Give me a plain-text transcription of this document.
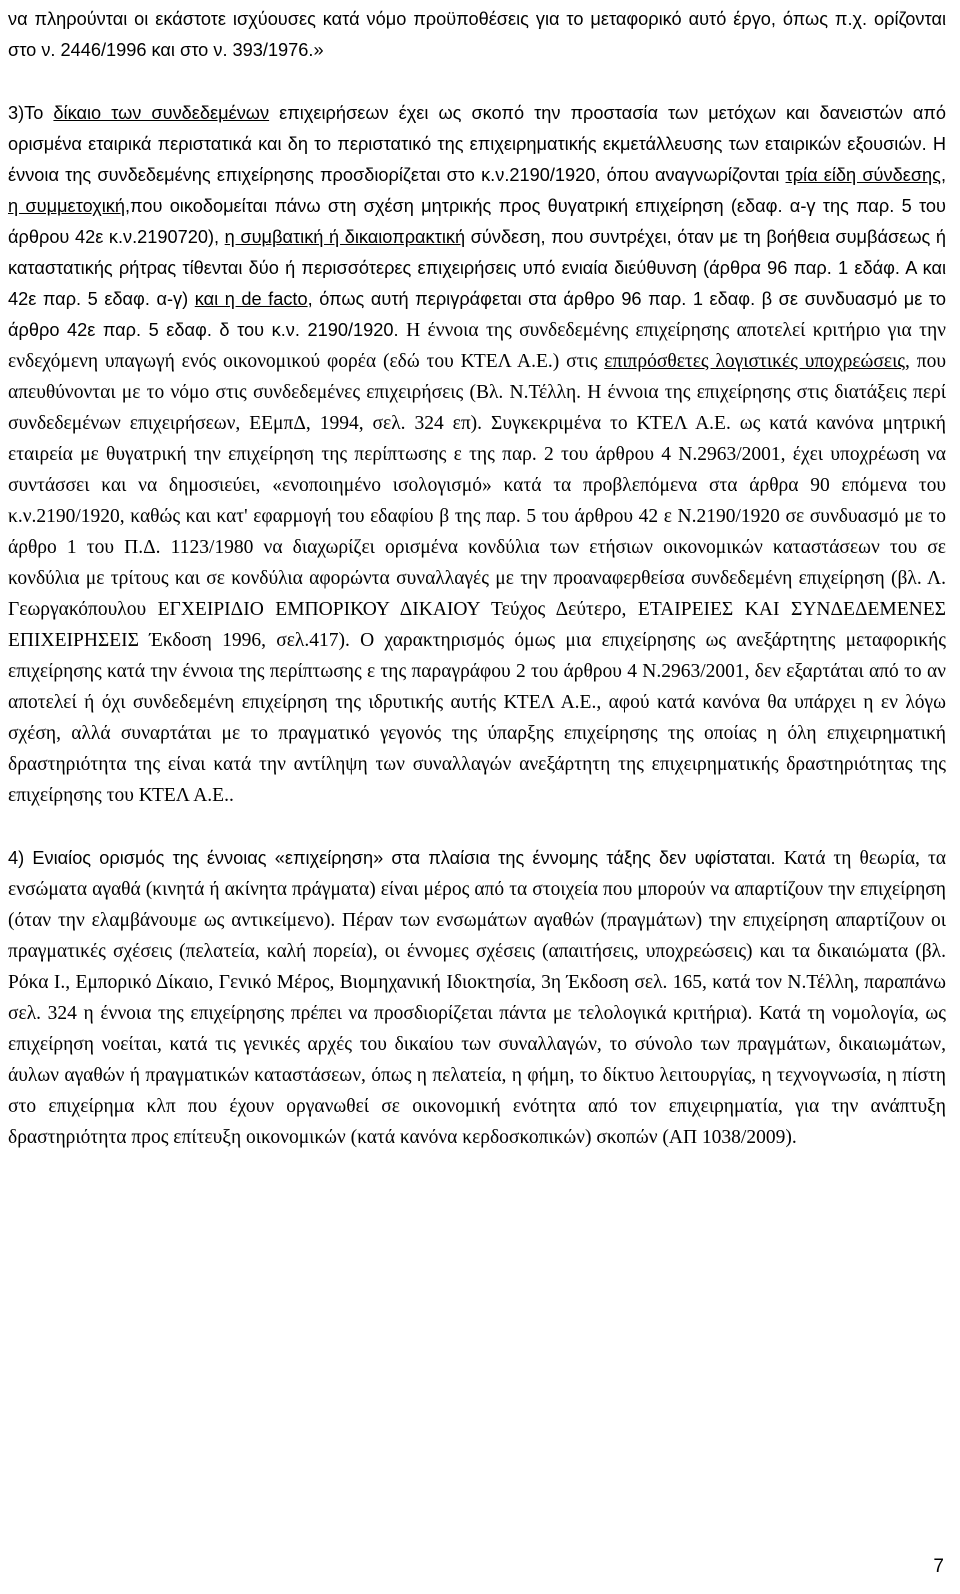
να πληρούνται οι εκάστοτε ισχύουσες κατά νόμο προϋποθέσεις για το μεταφορικό αυτό έργο, όπως π.χ. ορίζονται στο ν. 2446/1996 και στο ν. 393/1976.»

3)Το δίκαιο των συνδεδεμένων επιχειρήσεων έχει ως σκοπό την προστασία των μετόχων και δανειστών από ορισμένα εταιρικά περιστατικά και δη το περιστατικό της επιχειρηματικής εκμετάλλευσης των εταιρικών εξουσιών. Η έννοια της συνδεδεμένης επιχείρησης προσδιορίζεται στο κ.ν.2190/1920, όπου αναγνωρίζονται τρία είδη σύνδεσης, η συμμετοχική,που οικοδομείται πάνω στη σχέση μητρικής προς θυγατρική επιχείρηση (εδαφ. α-γ της παρ. 5 του άρθρου 42ε κ.ν.2190720), η συμβατική ή δικαιοπρακτική σύνδεση, που συντρέχει, όταν με τη βοήθεια συμβάσεως ή καταστατικής ρήτρας τίθενται δύο ή περισσότερες επιχειρήσεις υπό ενιαία διεύθυνση (άρθρα 96 παρ. 1 εδάφ. Α και 42ε παρ. 5 εδαφ. α-γ) και η de facto, όπως αυτή περιγράφεται στα άρθρο 96 παρ. 1 εδαφ. β σε συνδυασμό με το άρθρο 42ε παρ. 5 εδαφ. δ του κ.ν. 2190/1920. Η έννοια της συνδεδεμένης επιχείρησης αποτελεί κριτήριο για την ενδεχόμενη υπαγωγή ενός οικονομικού φορέα (εδώ του ΚΤΕΛ Α.Ε.) στις επιπρόσθετες λογιστικές υποχρεώσεις, που απευθύνονται με το νόμο στις συνδεδεμένες επιχειρήσεις (Βλ. Ν.Τέλλη. Η έννοια της επιχείρησης στις διατάξεις περί συνδεδεμένων επιχειρήσεων, ΕΕμπΔ, 1994, σελ. 324 επ). Συγκεκριμένα το ΚΤΕΛ Α.Ε. ως κατά κανόνα μητρική εταιρεία με θυγατρική την επιχείρηση της περίπτωσης ε της παρ. 2 του άρθρου 4 Ν.2963/2001, έχει υποχρέωση να συντάσσει και να δημοσιεύει, «ενοποιημένο ισολογισμό» κατά τα προβλεπόμενα στα άρθρα 90 επόμενα του κ.ν.2190/1920, καθώς και κατ' εφαρμογή του εδαφίου β της παρ. 5 του άρθρου 42 ε Ν.2190/1920 σε συνδυασμό με το άρθρο 1 του Π.Δ. 1123/1980 να διαχωρίζει ορισμένα κονδύλια των ετήσιων οικονομικών καταστάσεων του σε κονδύλια με τρίτους και σε κονδύλια αφορώντα συναλλαγές με την προαναφερθείσα συνδεδεμένη επιχείρηση (βλ. Λ. Γεωργακόπουλου ΕΓΧΕΙΡΙΔΙΟ ΕΜΠΟΡΙΚΟΥ ΔΙΚΑΙΟΥ Τεύχος Δεύτερο, ΕΤΑΙΡΕΙΕΣ ΚΑΙ ΣΥΝΔΕΔΕΜΕΝΕΣ ΕΠΙΧΕΙΡΗΣΕΙΣ Έκδοση 1996, σελ.417). Ο χαρακτηρισμός όμως μια επιχείρησης ως ανεξάρτητης μεταφορικής επιχείρησης κατά την έννοια της περίπτωσης ε της παραγράφου 2 του άρθρου 4 Ν.2963/2001, δεν εξαρτάται από το αν αποτελεί ή όχι συνδεδεμένη επιχείρηση της ιδρυτικής αυτής ΚΤΕΛ Α.Ε., αφού κατά κανόνα θα υπάρχει η εν λόγω σχέση, αλλά συναρτάται με το πραγματικό γεγονός της ύπαρξης επιχείρησης της οποίας η όλη επιχειρηματική δραστηριότητα της είναι κατά την αντίληψη των συναλλαγών ανεξάρτητη της επιχειρηματικής δραστηριότητας της επιχείρησης του ΚΤΕΛ Α.Ε..

4) Ενιαίος ορισμός της έννοιας «επιχείρηση» στα πλαίσια της έννομης τάξης δεν υφίσταται. Κατά τη θεωρία, τα ενσώματα αγαθά (κινητά ή ακίνητα πράγματα) είναι μέρος από τα στοιχεία που μπορούν να απαρτίζουν την επιχείρηση (όταν την ελαμβάνουμε ως αντικείμενο). Πέραν των ενσωμάτων αγαθών (πραγμάτων) την επιχείρηση απαρτίζουν οι πραγματικές σχέσεις (πελατεία, καλή πορεία), οι έννομες σχέσεις (απαιτήσεις, υποχρεώσεις) και τα δικαιώματα (βλ. Ρόκα Ι., Εμπορικό Δίκαιο, Γενικό Μέρος, Βιομηχανική Ιδιοκτησία, 3η Έκδοση σελ. 165, κατά τον Ν.Τέλλη, παραπάνω σελ. 324 η έννοια της επιχείρησης πρέπει να προσδιορίζεται πάντα με τελολογικά κριτήρια). Κατά τη νομολογία, ως επιχείρηση νοείται, κατά τις γενικές αρχές του δικαίου των συναλλαγών, το σύνολο των πραγμάτων, δικαιωμάτων, άυλων αγαθών ή πραγματικών καταστάσεων, όπως η πελατεία, η φήμη, το δίκτυο λειτουργίας, η τεχνογνωσία, η πίστη στο επιχείρημα κλπ που έχουν οργανωθεί σε οικονομική ενότητα από τον επιχειρηματία, για την ανάπτυξη δραστηριότητα προς επίτευξη οικονομικών (κατά κανόνα κερδοσκοπικών) σκοπών (ΑΠ 1038/2009).

7
